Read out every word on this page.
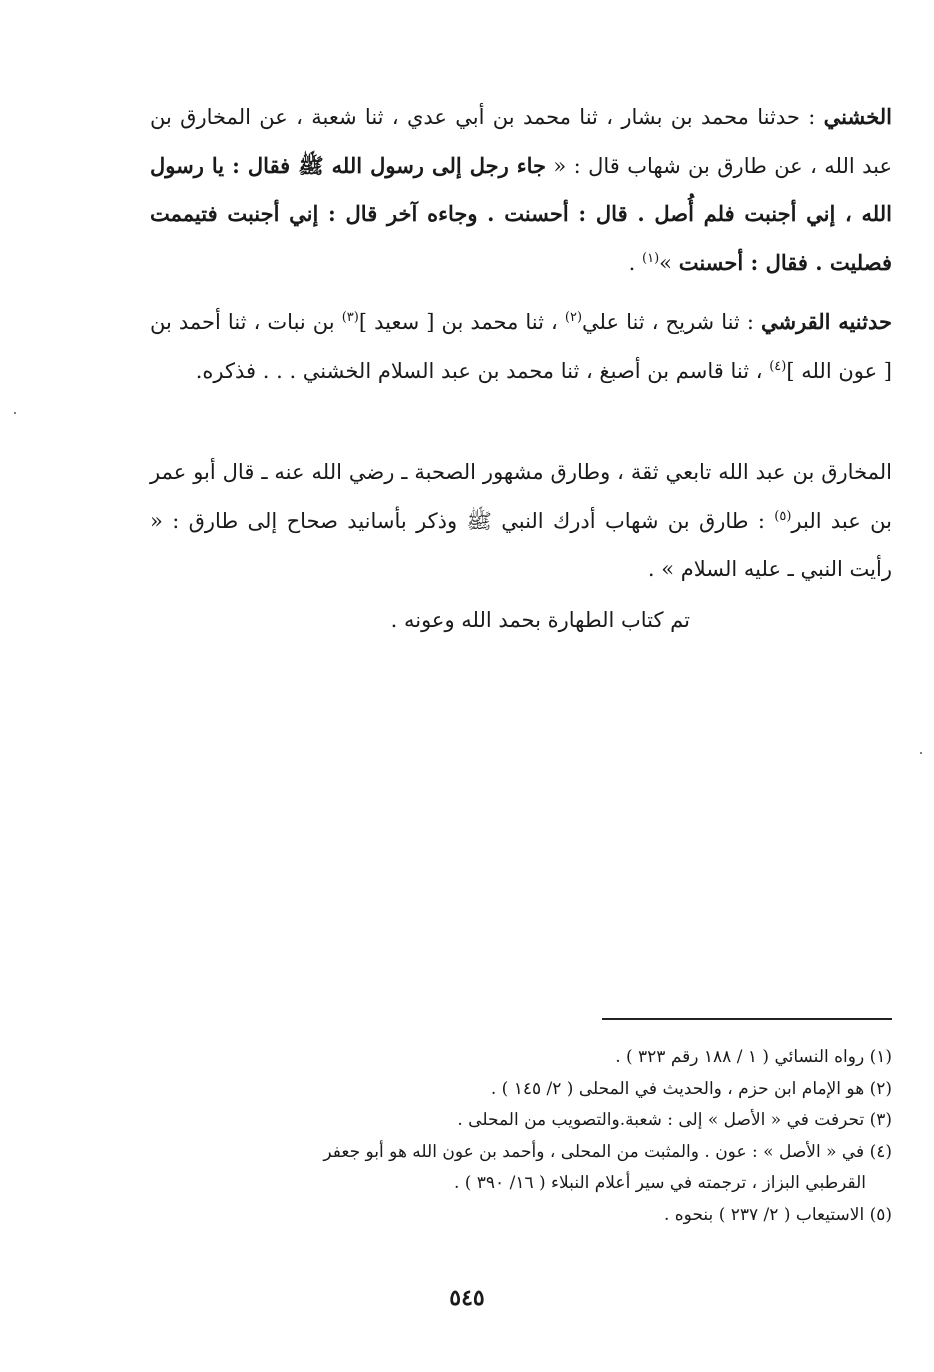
الخشني : حدثنا محمد بن بشار ، ثنا محمد بن أبي عدي ، ثنا شعبة ، عن المخارق بن عبد الله ، عن طارق بن شهاب قال : « جاء رجل إلى رسول الله ﷺ فقال : يا رسول الله ، إني أجنبت فلم أُصل . قال : أحسنت . وجاءه آخر قال : إني أجنبت فتيممت فصليت . فقال : أحسنت »$^{(١)}$ .
حدثنيه القرشي : ثنا شريح ، ثنا علي$^{(٢)}$ ، ثنا محمد بن [ سعيد ]$^{(٣)}$ بن نبات ، ثنا أحمد بن [ عون الله ]$^{(٤)}$ ، ثنا قاسم بن أصبغ ، ثنا محمد بن عبد السلام الخشني . . . فذكره.
المخارق بن عبد الله تابعي ثقة ، وطارق مشهور الصحبة ـ رضي الله عنه ـ قال أبو عمر بن عبد البر$^{(٥)}$ : طارق بن شهاب أدرك النبي ﷺ وذكر بأسانيد صحاح إلى طارق : « رأيت النبي ـ عليه السلام » .
تم كتاب الطهارة بحمد الله وعونه .
(١) رواه النسائي ( ١ / ١٨٨ رقم ٣٢٣ ) .
(٢) هو الإمام ابن حزم ، والحديث في المحلى ( ٢/ ١٤٥ ) .
(٣) تحرفت في « الأصل » إلى : شعبة.والتصويب من المحلى .
(٤) في « الأصل » : عون . والمثبت من المحلى ، وأحمد بن عون الله هو أبو جعفر
القرطبي البزاز ، ترجمته في سير أعلام النبلاء ( ١٦/ ٣٩٠ ) .
(٥) الاستيعاب ( ٢/ ٢٣٧ ) بنحوه .
٥٤٥
